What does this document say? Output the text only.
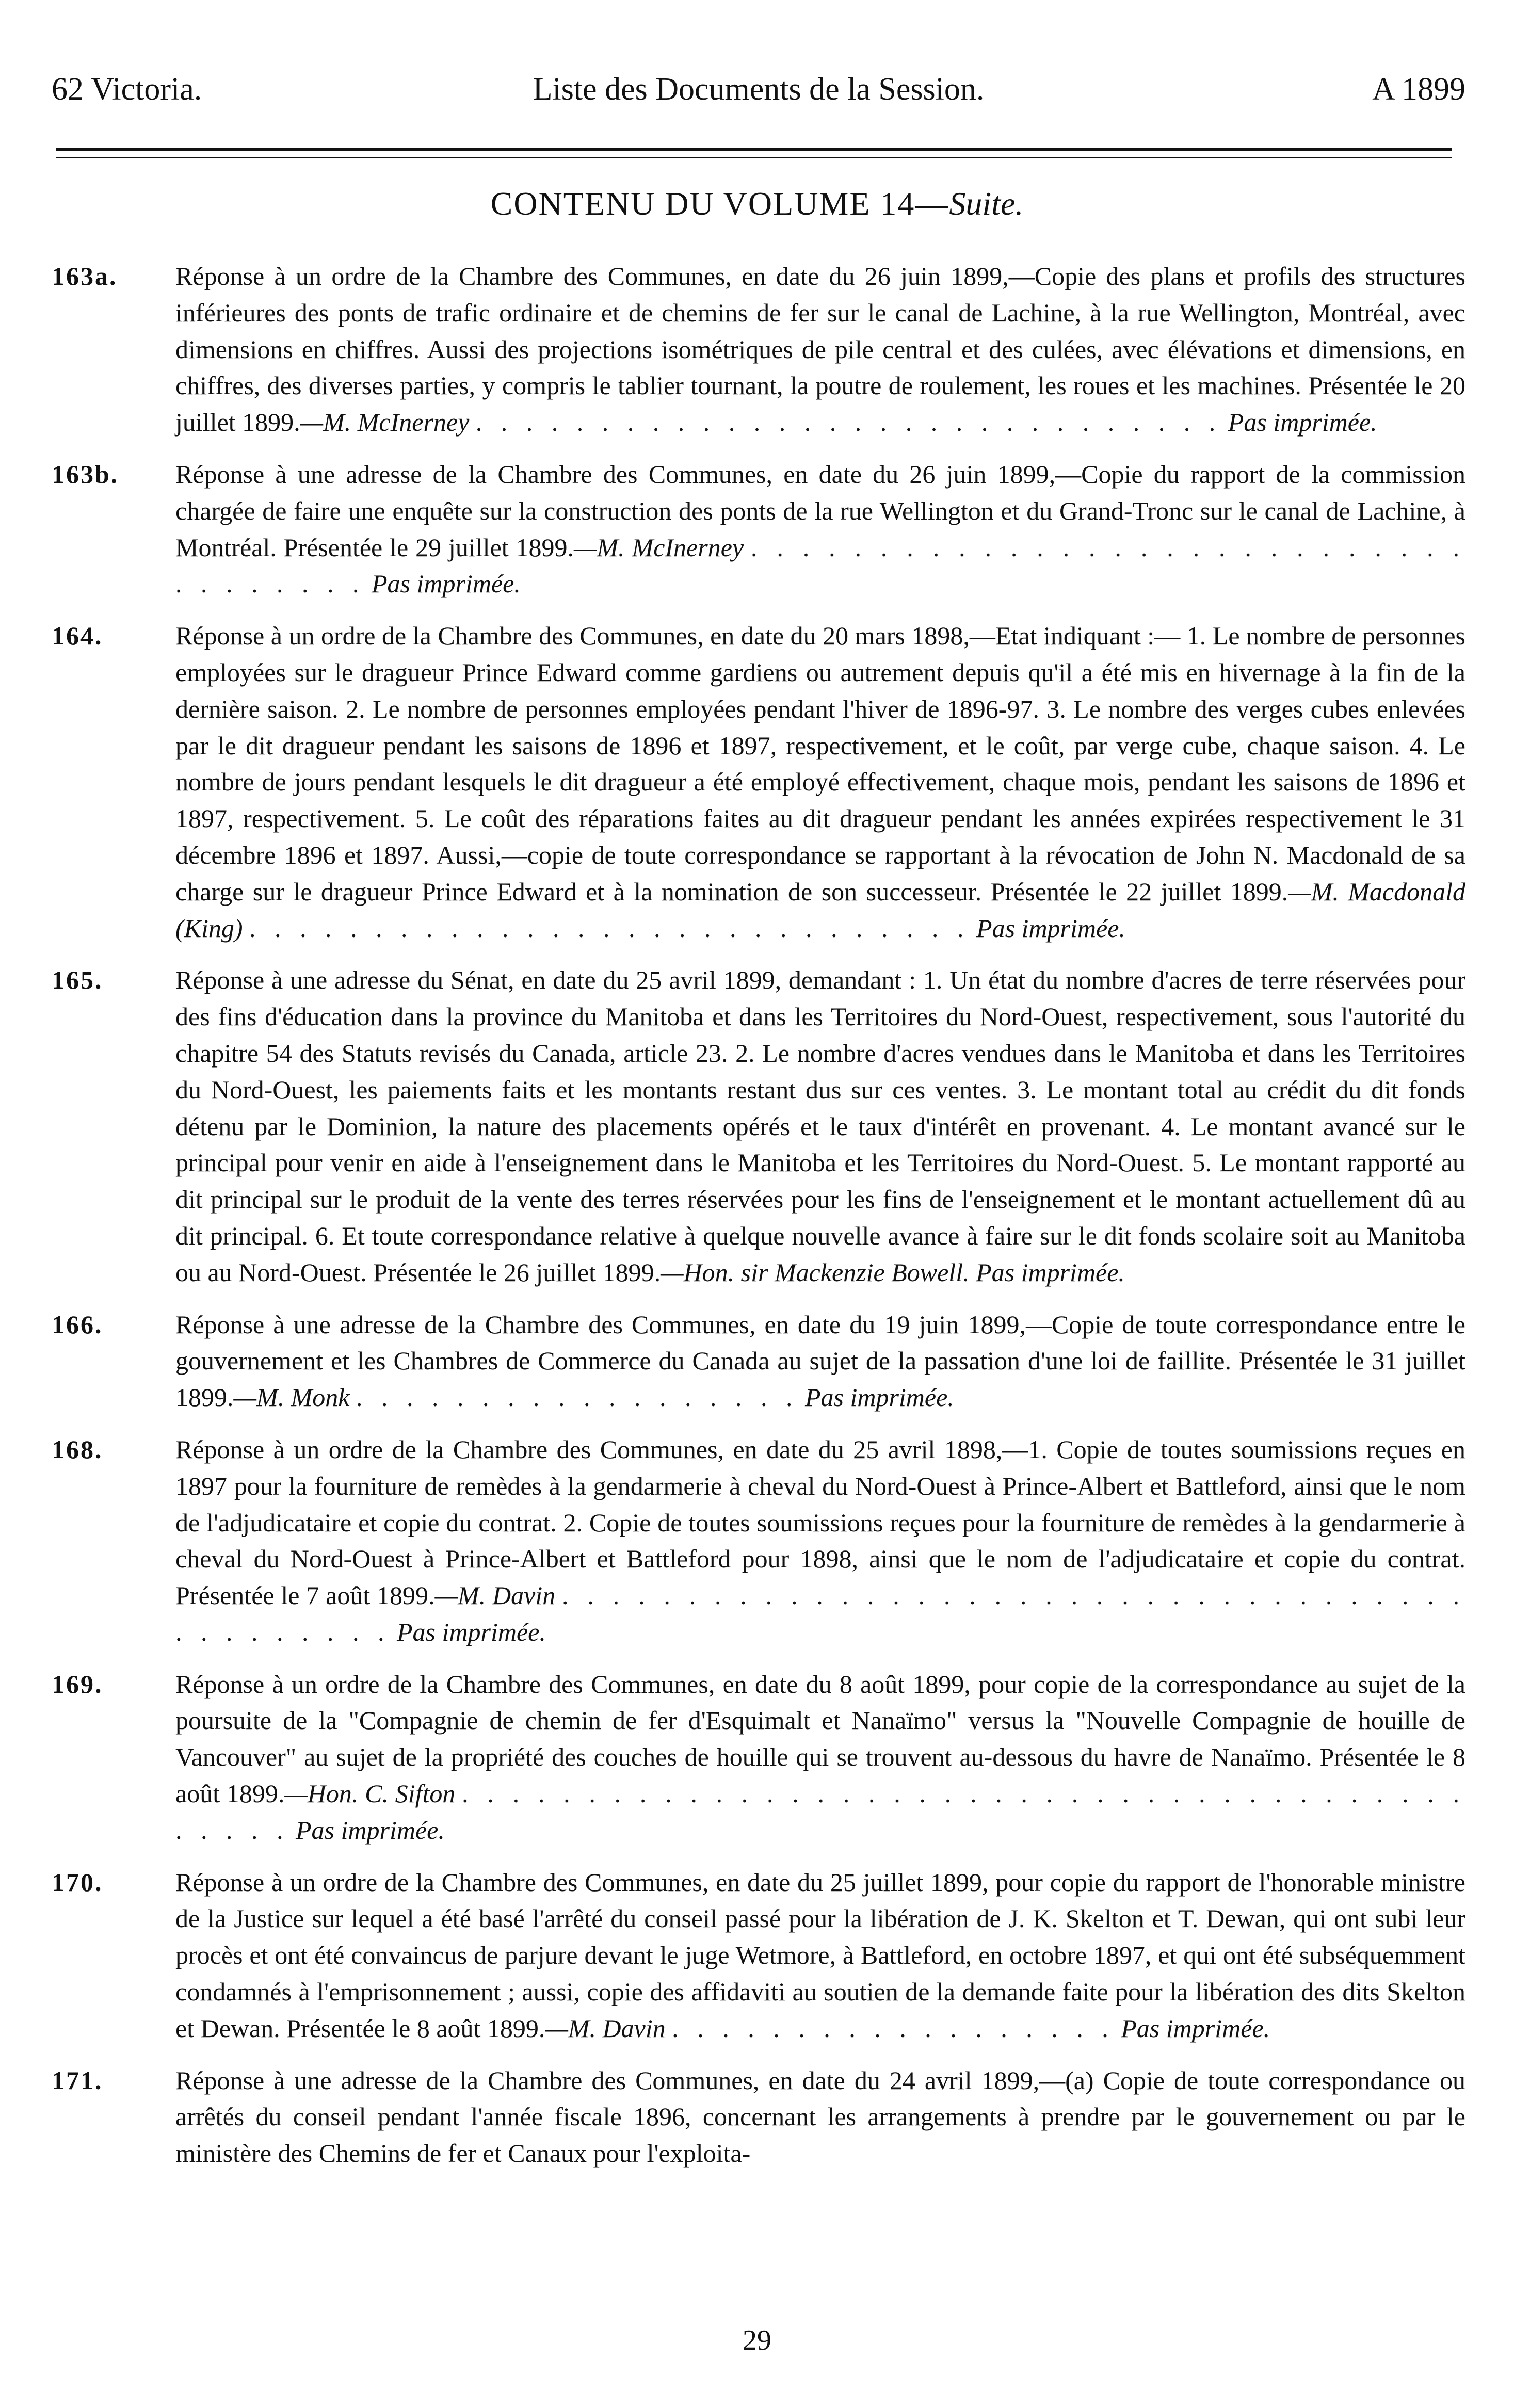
62 Victoria.	Liste des Documents de la Session.	A 1899
CONTENU DU VOLUME 14—Suite.
163a.	Réponse à un ordre de la Chambre des Communes, en date du 26 juin 1899,—Copie des plans et profils des structures inférieures des ponts de trafic ordinaire et de chemins de fer sur le canal de Lachine, à la rue Wellington, Montréal, avec dimensions en chiffres. Aussi des projections isométriques de pile central et des culées, avec élévations et dimensions, en chiffres, des diverses parties, y compris le tablier tournant, la poutre de roulement, les roues et les machines. Présentée le 20 juillet 1899.—M. McInerney . . . . . . . . . . . . . . . . . . . . . . . . . . . . . . Pas imprimée.
163b.	Réponse à une adresse de la Chambre des Communes, en date du 26 juin 1899,—Copie du rapport de la commission chargée de faire une enquête sur la construction des ponts de la rue Wellington et du Grand-Tronc sur le canal de Lachine, à Montréal. Présentée le 29 juillet 1899.—M. McInerney . . . . . . . . . . . . . . . . . . . . . . . . . . . . . . . . . . . . Pas imprimée.
164.	Réponse à un ordre de la Chambre des Communes, en date du 20 mars 1898,—Etat indiquant :— 1. Le nombre de personnes employées sur le dragueur Prince Edward comme gardiens ou autrement depuis qu'il a été mis en hivernage à la fin de la dernière saison. 2. Le nombre de personnes employées pendant l'hiver de 1896-97. 3. Le nombre des verges cubes enlevées par le dit dragueur pendant les saisons de 1896 et 1897, respectivement, et le coût, par verge cube, chaque saison. 4. Le nombre de jours pendant lesquels le dit dragueur a été employé effectivement, chaque mois, pendant les saisons de 1896 et 1897, respectivement. 5. Le coût des réparations faites au dit dragueur pendant les années expirées respectivement le 31 décembre 1896 et 1897. Aussi,—copie de toute correspondance se rapportant à la révocation de John N. Macdonald de sa charge sur le dragueur Prince Edward et à la nomination de son successeur. Présentée le 22 juillet 1899.—M. Macdonald (King) . . . . . . . . . . . . . . . . . . . . . . . . . . . . . Pas imprimée.
165.	Réponse à une adresse du Sénat, en date du 25 avril 1899, demandant : 1. Un état du nombre d'acres de terre réservées pour des fins d'éducation dans la province du Manitoba et dans les Territoires du Nord-Ouest, respectivement, sous l'autorité du chapitre 54 des Statuts revisés du Canada, article 23. 2. Le nombre d'acres vendues dans le Manitoba et dans les Territoires du Nord-Ouest, les paiements faits et les montants restant dus sur ces ventes. 3. Le montant total au crédit du dit fonds détenu par le Dominion, la nature des placements opérés et le taux d'intérêt en provenant. 4. Le montant avancé sur le principal pour venir en aide à l'enseignement dans le Manitoba et les Territoires du Nord-Ouest. 5. Le montant rapporté au dit principal sur le produit de la vente des terres réservées pour les fins de l'enseignement et le montant actuellement dû au dit principal. 6. Et toute correspondance relative à quelque nouvelle avance à faire sur le dit fonds scolaire soit au Manitoba ou au Nord-Ouest. Présentée le 26 juillet 1899.—Hon. sir Mackenzie Bowell. Pas imprimée.
166.	Réponse à une adresse de la Chambre des Communes, en date du 19 juin 1899,—Copie de toute correspondance entre le gouvernement et les Chambres de Commerce du Canada au sujet de la passation d'une loi de faillite. Présentée le 31 juillet 1899.—M. Monk . . . . . . . . . . . . . . . . . . Pas imprimée.
168.	Réponse à un ordre de la Chambre des Communes, en date du 25 avril 1898,—1. Copie de toutes soumissions reçues en 1897 pour la fourniture de remèdes à la gendarmerie à cheval du Nord-Ouest à Prince-Albert et Battleford, ainsi que le nom de l'adjudicataire et copie du contrat. 2. Copie de toutes soumissions reçues pour la fourniture de remèdes à la gendarmerie à cheval du Nord-Ouest à Prince-Albert et Battleford pour 1898, ainsi que le nom de l'adjudicataire et copie du contrat. Présentée le 7 août 1899.—M. Davin . . . . . . . . . . . . . . . . . . . . . . . . . . . . . . . . . . . . . . . . . . . . . Pas imprimée.
169.	Réponse à un ordre de la Chambre des Communes, en date du 8 août 1899, pour copie de la correspondance au sujet de la poursuite de la "Compagnie de chemin de fer d'Esquimalt et Nanaïmo" versus la "Nouvelle Compagnie de houille de Vancouver" au sujet de la propriété des couches de houille qui se trouvent au-dessous du havre de Nanaïmo. Présentée le 8 août 1899.—Hon. C. Sifton . . . . . . . . . . . . . . . . . . . . . . . . . . . . . . . . . . . . . . . . . . . . . Pas imprimée.
170.	Réponse à un ordre de la Chambre des Communes, en date du 25 juillet 1899, pour copie du rapport de l'honorable ministre de la Justice sur lequel a été basé l'arrêté du conseil passé pour la libération de J. K. Skelton et T. Dewan, qui ont subi leur procès et ont été convaincus de parjure devant le juge Wetmore, à Battleford, en octobre 1897, et qui ont été subséquemment condamnés à l'emprisonnement ; aussi, copie des affidaviti au soutien de la demande faite pour la libération des dits Skelton et Dewan. Présentée le 8 août 1899.—M. Davin . . . . . . . . . . . . . . . . . . Pas imprimée.
171.	Réponse à une adresse de la Chambre des Communes, en date du 24 avril 1899,—(a) Copie de toute correspondance ou arrêtés du conseil pendant l'année fiscale 1896, concernant les arrangements à prendre par le gouvernement ou par le ministère des Chemins de fer et Canaux pour l'exploita-
29
